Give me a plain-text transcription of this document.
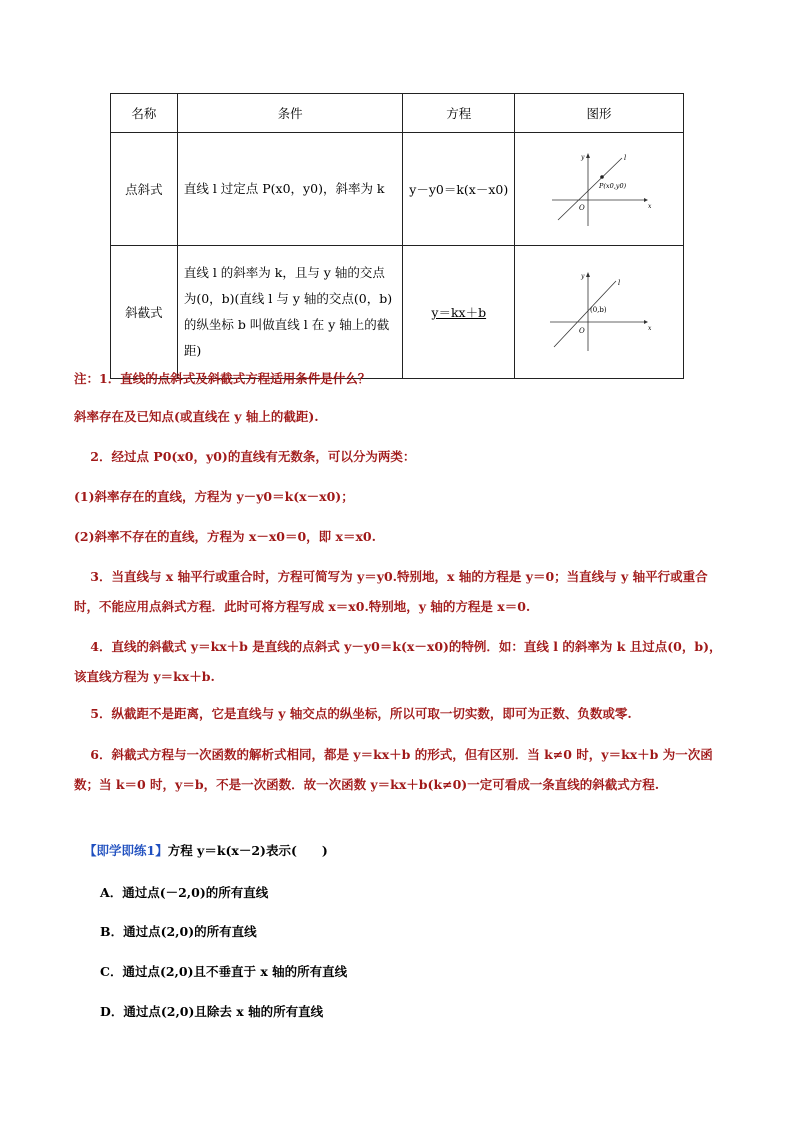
名称	条件	方程	图形
点斜式	直线 l 过定点 P(x0，y0)，斜率为 k	y－y0＝k(x－x0)	l
P(x0,y0)
O x
y

斜截式	直线 l 的斜率为 k，且与 y 轴的交点为(0，b)(直线 l 与 y 轴的交点(0，b)的纵坐标 b 叫做直线 l 在 y 轴上的截距)	y＝kx＋b	l
(0,b)
O x
y
注：1．直线的点斜式及斜截式方程适用条件是什么？
斜率存在及已知点(或直线在 y 轴上的截距).
2．经过点 P0(x0，y0)的直线有无数条，可以分为两类：
(1)斜率存在的直线，方程为 y－y0＝k(x－x0)；
(2)斜率不存在的直线，方程为 x－x0＝0，即 x＝x0.
3．当直线与 x 轴平行或重合时，方程可简写为 y＝y0.特别地，x 轴的方程是 y＝0；当直线与 y 轴平行或重合时，不能应用点斜式方程．此时可将方程写成 x＝x0.特别地，y 轴的方程是 x＝0.
4．直线的斜截式 y＝kx＋b 是直线的点斜式 y－y0＝k(x－x0)的特例．如：直线 l 的斜率为 k 且过点(0，b)，该直线方程为 y＝kx＋b.
5．纵截距不是距离，它是直线与 y 轴交点的纵坐标，所以可取一切实数，即可为正数、负数或零.
6．斜截式方程与一次函数的解析式相同，都是 y＝kx＋b 的形式，但有区别．当 k≠0 时，y＝kx＋b 为一次函数；当 k＝0 时，y＝b，不是一次函数．故一次函数 y＝kx＋b(k≠0)一定可看成一条直线的斜截式方程.
【即学即练1】方程 y＝k(x－2)表示(　　)
A．通过点(－2,0)的所有直线
B．通过点(2,0)的所有直线
C．通过点(2,0)且不垂直于 x 轴的所有直线
D．通过点(2,0)且除去 x 轴的所有直线
